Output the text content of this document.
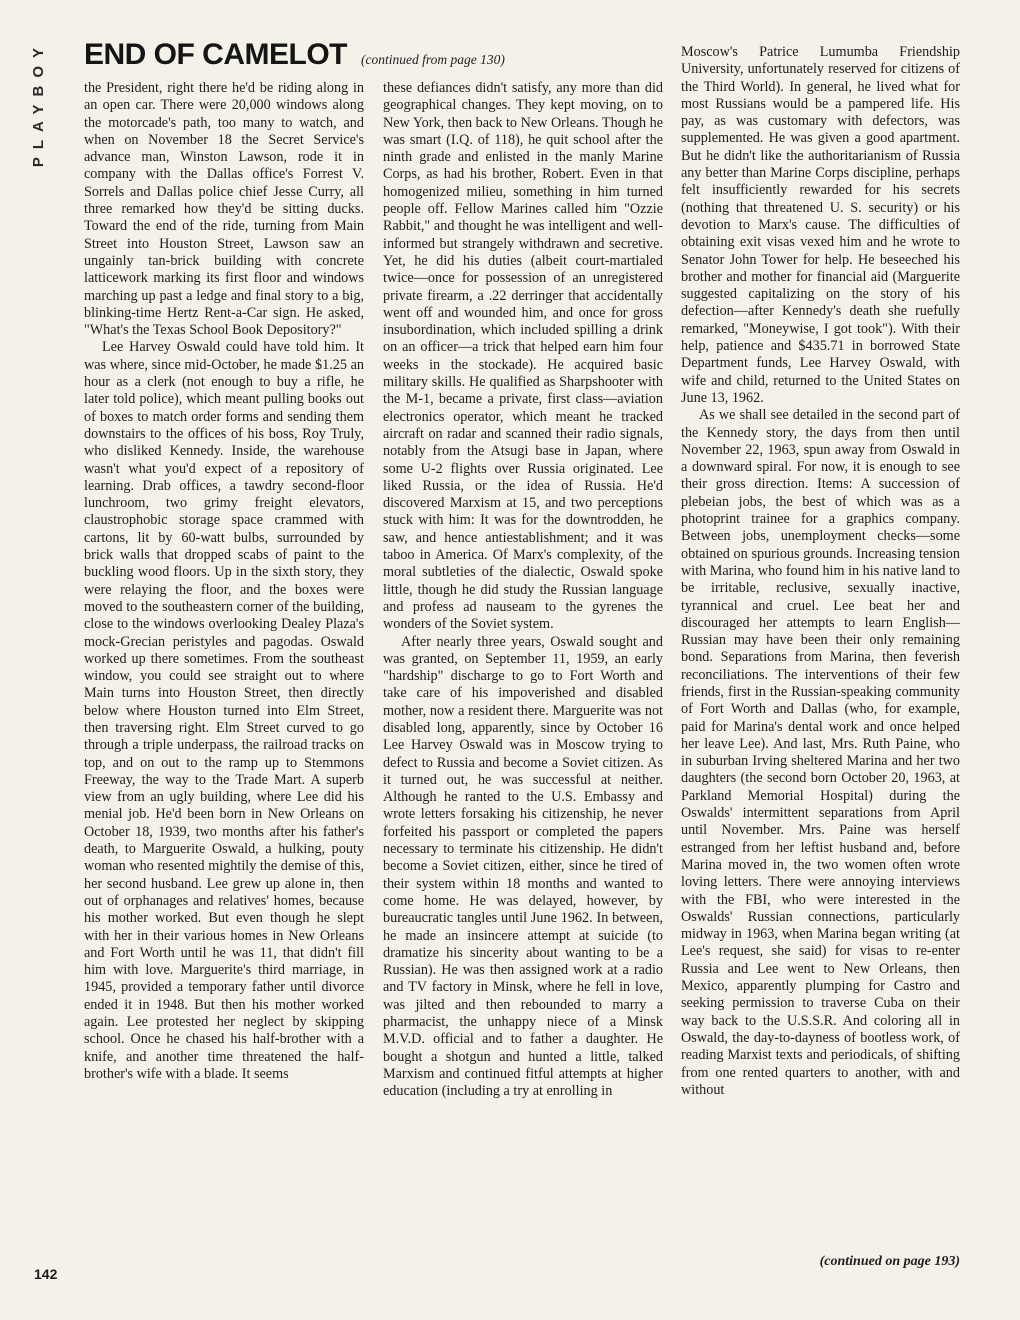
PLAYBOY END OF CAMELOT (continued from page 130)

the President, right there he'd be riding along in an open car. There were 20,000 windows along the motorcade's path, too many to watch, and when on November 18 the Secret Service's advance man, Winston Lawson, rode it in company with the Dallas office's Forrest V. Sorrels and Dallas police chief Jesse Curry, all three remarked how they'd be sitting ducks. Toward the end of the ride, turning from Main Street into Houston Street, Lawson saw an ungainly tan-brick building with concrete latticework marking its first floor and windows marching up past a ledge and final story to a big, blinking-time Hertz Rent-a-Car sign. He asked, "What's the Texas School Book Depository?"

Lee Harvey Oswald could have told him. It was where, since mid-October, he made $1.25 an hour as a clerk (not enough to buy a rifle, he later told police), which meant pulling books out of boxes to match order forms and sending them downstairs to the offices of his boss, Roy Truly, who disliked Kennedy. Inside, the warehouse wasn't what you'd expect of a repository of learning. Drab offices, a tawdry second-floor lunchroom, two grimy freight elevators, claustrophobic storage space crammed with cartons, lit by 60-watt bulbs, surrounded by brick walls that dropped scabs of paint to the buckling wood floors. Up in the sixth story, they were relaying the floor, and the boxes were moved to the southeastern corner of the building, close to the windows overlooking Dealey Plaza's mock-Grecian peristyles and pagodas. Oswald worked up there sometimes. From the southeast window, you could see straight out to where Main turns into Houston Street, then directly below where Houston turned into Elm Street, then traversing right. Elm Street curved to go through a triple underpass, the railroad tracks on top, and on out to the ramp up to Stemmons Freeway, the way to the Trade Mart. A superb view from an ugly building, where Lee did his menial job. He'd been born in New Orleans on October 18, 1939, two months after his father's death, to Marguerite Oswald, a hulking, pouty woman who resented mightily the demise of this, her second husband. Lee grew up alone in, then out of orphanages and relatives' homes, because his mother worked. But even though he slept with her in their various homes in New Orleans and Fort Worth until he was 11, that didn't fill him with love. Marguerite's third marriage, in 1945, provided a temporary father until divorce ended it in 1948. But then his mother worked again. Lee protested her neglect by skipping school. Once he chased his half-brother with a knife, and another time threatened the half-brother's wife with a blade. It seems

these defiances didn't satisfy, any more than did geographical changes. They kept moving, on to New York, then back to New Orleans. Though he was smart (I.Q. of 118), he quit school after the ninth grade and enlisted in the manly Marine Corps, as had his brother, Robert. Even in that homogenized milieu, something in him turned people off. Fellow Marines called him "Ozzie Rabbit," and thought he was intelligent and well-informed but strangely withdrawn and secretive. Yet, he did his duties (albeit court-martialed twice—once for possession of an unregistered private firearm, a .22 derringer that accidentally went off and wounded him, and once for gross insubordination, which included spilling a drink on an officer—a trick that helped earn him four weeks in the stockade). He acquired basic military skills. He qualified as Sharpshooter with the M-1, became a private, first class—aviation electronics operator, which meant he tracked aircraft on radar and scanned their radio signals, notably from the Atsugi base in Japan, where some U-2 flights over Russia originated. Lee liked Russia, or the idea of Russia. He'd discovered Marxism at 15, and two perceptions stuck with him: It was for the downtrodden, he saw, and hence antiestablishment; and it was taboo in America. Of Marx's complexity, of the moral subtleties of the dialectic, Oswald spoke little, though he did study the Russian language and profess ad nauseam to the gyrenes the wonders of the Soviet system.

After nearly three years, Oswald sought and was granted, on September 11, 1959, an early "hardship" discharge to go to Fort Worth and take care of his impoverished and disabled mother, now a resident there. Marguerite was not disabled long, apparently, since by October 16 Lee Harvey Oswald was in Moscow trying to defect to Russia and become a Soviet citizen. As it turned out, he was successful at neither. Although he ranted to the U.S. Embassy and wrote letters forsaking his citizenship, he never forfeited his passport or completed the papers necessary to terminate his citizenship. He didn't become a Soviet citizen, either, since he tired of their system within 18 months and wanted to come home. He was delayed, however, by bureaucratic tangles until June 1962. In between, he made an insincere attempt at suicide (to dramatize his sincerity about wanting to be a Russian). He was then assigned work at a radio and TV factory in Minsk, where he fell in love, was jilted and then rebounded to marry a pharmacist, the unhappy niece of a Minsk M.V.D. official and to father a daughter. He bought a shotgun and hunted a little, talked Marxism and continued fitful attempts at higher education (including a try at enrolling in

Moscow's Patrice Lumumba Friendship University, unfortunately reserved for citizens of the Third World). In general, he lived what for most Russians would be a pampered life. His pay, as was customary with defectors, was supplemented. He was given a good apartment. But he didn't like the authoritarianism of Russia any better than Marine Corps discipline, perhaps felt insufficiently rewarded for his secrets (nothing that threatened U. S. security) or his devotion to Marx's cause. The difficulties of obtaining exit visas vexed him and he wrote to Senator John Tower for help. He beseeched his brother and mother for financial aid (Marguerite suggested capitalizing on the story of his defection—after Kennedy's death she ruefully remarked, "Moneywise, I got took"). With their help, patience and $435.71 in borrowed State Department funds, Lee Harvey Oswald, with wife and child, returned to the United States on June 13, 1962.

As we shall see detailed in the second part of the Kennedy story, the days from then until November 22, 1963, spun away from Oswald in a downward spiral. For now, it is enough to see their gross direction. Items: A succession of plebeian jobs, the best of which was as a photoprint trainee for a graphics company. Between jobs, unemployment checks—some obtained on spurious grounds. Increasing tension with Marina, who found him in his native land to be irritable, reclusive, sexually inactive, tyrannical and cruel. Lee beat her and discouraged her attempts to learn English—Russian may have been their only remaining bond. Separations from Marina, then feverish reconciliations. The interventions of their few friends, first in the Russian-speaking community of Fort Worth and Dallas (who, for example, paid for Marina's dental work and once helped her leave Lee). And last, Mrs. Ruth Paine, who in suburban Irving sheltered Marina and her two daughters (the second born October 20, 1963, at Parkland Memorial Hospital) during the Oswalds' intermittent separations from April until November. Mrs. Paine was herself estranged from her leftist husband and, before Marina moved in, the two women often wrote loving letters. There were annoying interviews with the FBI, who were interested in the Oswalds' Russian connections, particularly midway in 1963, when Marina began writing (at Lee's request, she said) for visas to re-enter Russia and Lee went to New Orleans, then Mexico, apparently plumping for Castro and seeking permission to traverse Cuba on their way back to the U.S.S.R. And coloring all in Oswald, the day-to-dayness of bootless work, of reading Marxist texts and periodicals, of shifting from one rented quarters to another, with and without

(continued on page 193)
142
